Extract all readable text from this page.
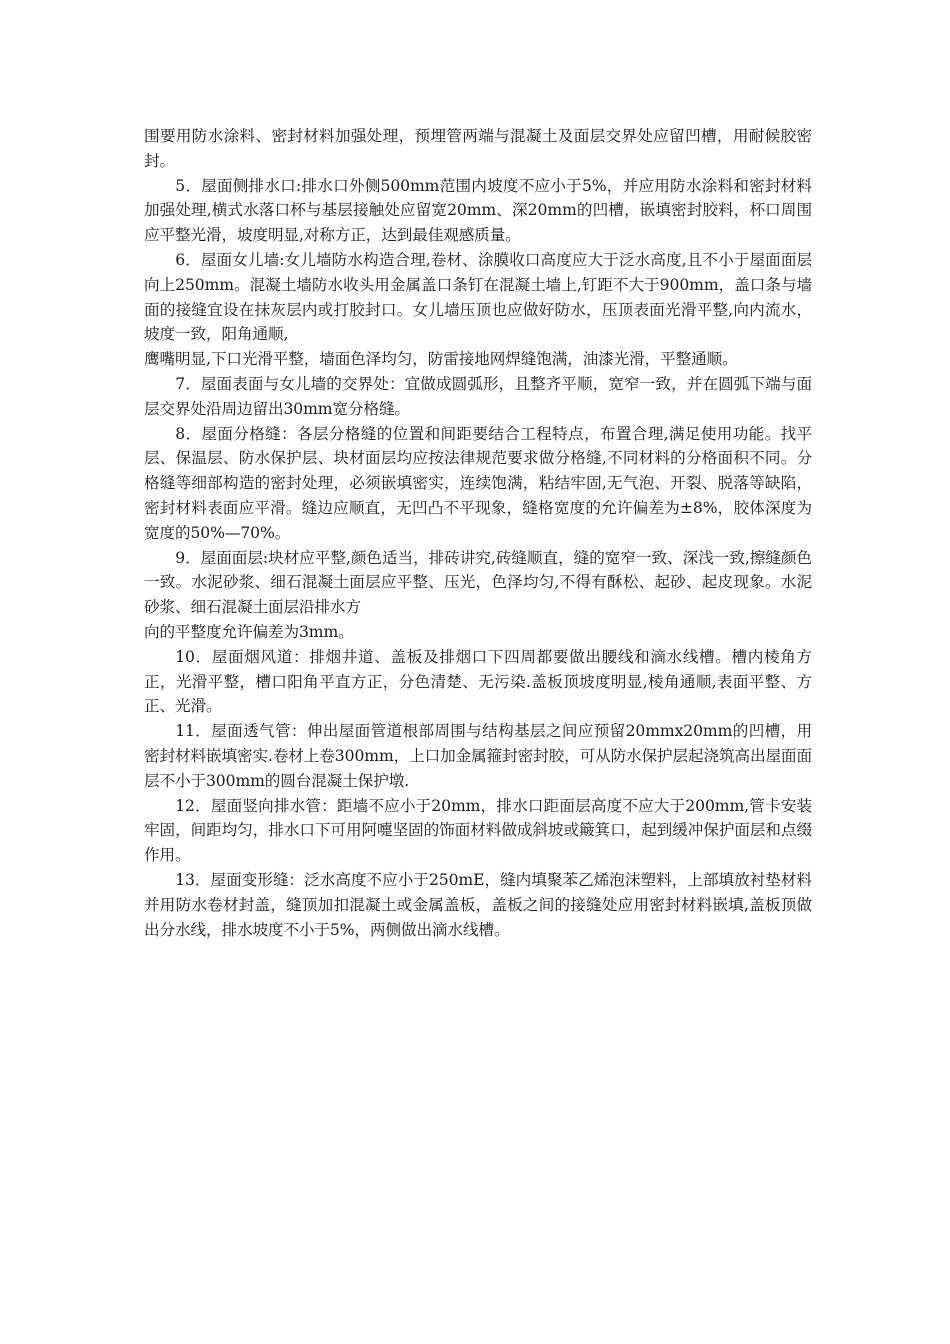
围要用防水涂料、密封材料加强处理，预埋管两端与混凝土及面层交界处应留凹槽，用耐候胶密封。

5．屋面侧排水口:排水口外侧500mm范围内坡度不应小于5%，并应用防水涂料和密封材料加强处理,横式水落口杯与基层接触处应留宽20mm、深20mm的凹槽，嵌填密封胶料，杯口周围应平整光滑，坡度明显,对称方正，达到最佳观感质量。

6．屋面女儿墙:女儿墙防水构造合理,卷材、涂膜收口高度应大于泛水高度,且不小于屋面面层向上250mm。混凝土墙防水收头用金属盖口条钉在混凝土墙上,钉距不大于900mm，盖口条与墙面的接缝宜设在抹灰层内或打胶封口。女儿墙压顶也应做好防水，压顶表面光滑平整,向内流水，坡度一致，阳角通顺,

鹰嘴明显,下口光滑平整，墙面色泽均匀，防雷接地网焊缝饱满，油漆光滑，平整通顺。

7．屋面表面与女儿墙的交界处：宜做成圆弧形，且整齐平顺，宽窄一致，并在圆弧下端与面层交界处沿周边留出30mm宽分格缝。

8．屋面分格缝：各层分格缝的位置和间距要结合工程特点，布置合理,满足使用功能。找平层、保温层、防水保护层、块材面层均应按法律规范要求做分格缝,不同材料的分格面积不同。分格缝等细部构造的密封处理，必须嵌填密实，连续饱满，粘结牢固,无气泡、开裂、脱落等缺陷，密封材料表面应平滑。缝边应顺直，无凹凸不平现象，缝格宽度的允许偏差为±8%，胶体深度为宽度的50%—70%。

9．屋面面层:块材应平整,颜色适当，排砖讲究,砖缝顺直，缝的宽窄一致、深浅一致,擦缝颜色一致。水泥砂浆、细石混凝土面层应平整、压光，色泽均匀,不得有酥松、起砂、起皮现象。水泥砂浆、细石混凝土面层沿排水方

向的平整度允许偏差为3mm。

10．屋面烟风道：排烟井道、盖板及排烟口下四周都要做出腰线和滴水线槽。槽内棱角方正，光滑平整，槽口阳角平直方正，分色清楚、无污染.盖板顶坡度明显,棱角通顺,表面平整、方正、光滑。

11．屋面透气管：伸出屋面管道根部周围与结构基层之间应预留20mmx20mm的凹槽，用密封材料嵌填密实.卷材上卷300mm，上口加金属箍封密封胶，可从防水保护层起浇筑高出屋面面层不小于300mm的圆台混凝土保护墩.

12．屋面竖向排水管：距墙不应小于20mm，排水口距面层高度不应大于200mm,管卡安装牢固，间距均匀，排水口下可用阿嚏坚固的饰面材料做成斜坡或簸箕口，起到缓冲保护面层和点缀作用。

13．屋面变形缝：泛水高度不应小于250mE，缝内填聚苯乙烯泡沫塑料，上部填放衬垫材料并用防水卷材封盖，缝顶加扣混凝土或金属盖板，盖板之间的接缝处应用密封材料嵌填,盖板顶做出分水线，排水坡度不小于5%，两侧做出滴水线槽。
